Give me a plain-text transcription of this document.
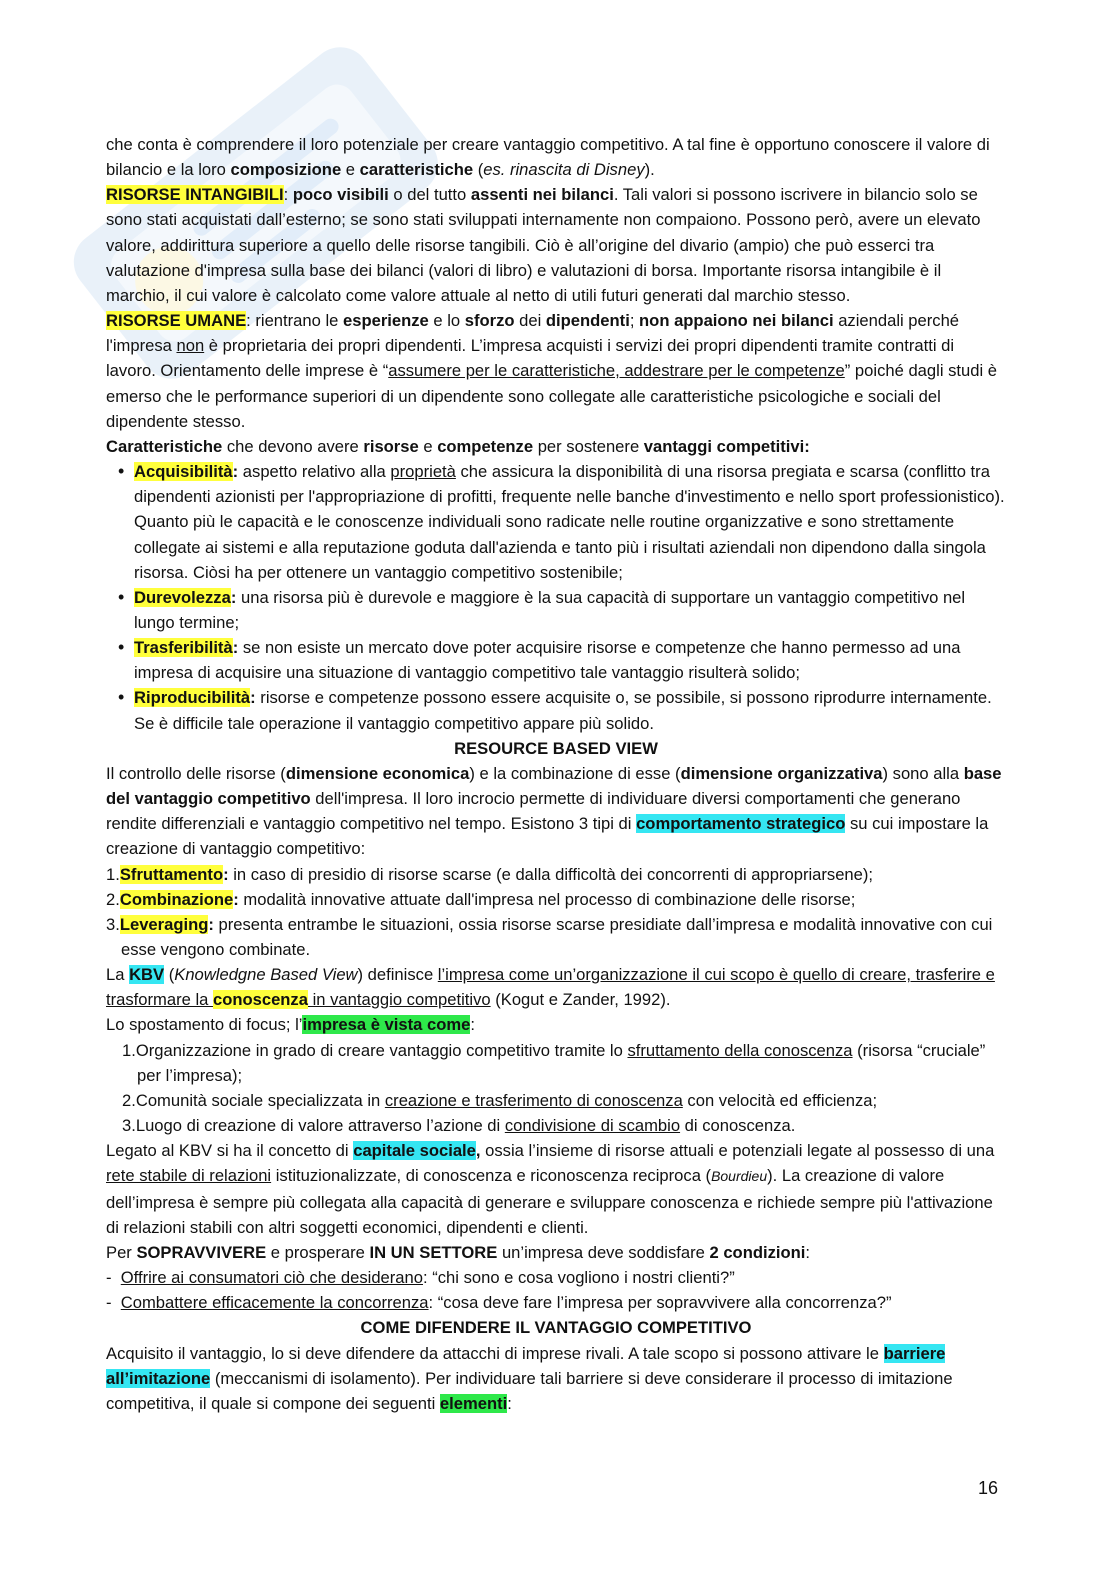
che conta è comprendere il loro potenziale per creare vantaggio competitivo. A tal fine è opportuno conoscere il valore di bilancio e la loro composizione e caratteristiche (es. rinascita di Disney).

RISORSE INTANGIBILI: poco visibili o del tutto assenti nei bilanci. Tali valori si possono iscrivere in bilancio solo se sono stati acquistati dall’esterno; se sono stati sviluppati internamente non compaiono. Possono però, avere un elevato valore, addirittura superiore a quello delle risorse tangibili. Ciò è all’origine del divario (ampio) che può esserci tra valutazione d'impresa sulla base dei bilanci (valori di libro) e valutazioni di borsa. Importante risorsa intangibile è il marchio, il cui valore è calcolato come valore attuale al netto di utili futuri generati dal marchio stesso.

RISORSE UMANE: rientrano le esperienze e lo sforzo dei dipendenti; non appaiono nei bilanci aziendali perché l'impresa non è proprietaria dei propri dipendenti. L’impresa acquisti i servizi dei propri dipendenti tramite contratti di lavoro. Orientamento delle imprese è “assumere per le caratteristiche, addestrare per le competenze” poiché dagli studi è emerso che le performance superiori di un dipendente sono collegate alle caratteristiche psicologiche e sociali del dipendente stesso.

Caratteristiche che devono avere risorse e competenze per sostenere vantaggi competitivi:

• Acquisibilità: aspetto relativo alla proprietà che assicura la disponibilità di una risorsa pregiata e scarsa (conflitto tra dipendenti azionisti per l'appropriazione di profitti, frequente nelle banche d'investimento e nello sport professionistico). Quanto più le capacità e le conoscenze individuali sono radicate nelle routine organizzative e sono strettamente collegate ai sistemi e alla reputazione goduta dall'azienda e tanto più i risultati aziendali non dipendono dalla singola risorsa. Ciòsi ha per ottenere un vantaggio competitivo sostenibile;
• Durevolezza: una risorsa più è durevole e maggiore è la sua capacità di supportare un vantaggio competitivo nel lungo termine;
• Trasferibilità: se non esiste un mercato dove poter acquisire risorse e competenze che hanno permesso ad una impresa di acquisire una situazione di vantaggio competitivo tale vantaggio risulterà solido;
• Riproducibilità: risorse e competenze possono essere acquisite o, se possibile, si possono riprodurre internamente. Se è difficile tale operazione il vantaggio competitivo appare più solido.

RESOURCE BASED VIEW

Il controllo delle risorse (dimensione economica) e la combinazione di esse (dimensione organizzativa) sono alla base del vantaggio competitivo dell'impresa. Il loro incrocio permette di individuare diversi comportamenti che generano rendite differenziali e vantaggio competitivo nel tempo. Esistono 3 tipi di comportamento strategico su cui impostare la creazione di vantaggio competitivo:

1.Sfruttamento: in caso di presidio di risorse scarse (e dalla difficoltà dei concorrenti di appropriarsene);
2.Combinazione: modalità innovative attuate dall'impresa nel processo di combinazione delle risorse;
3.Leveraging: presenta entrambe le situazioni, ossia risorse scarse presidiate dall’impresa e modalità innovative con cui esse vengono combinate.

La KBV (Knowledgne Based View) definisce l’impresa come un’organizzazione il cui scopo è quello di creare, trasferire e trasformare la conoscenza in vantaggio competitivo (Kogut e Zander, 1992).

Lo spostamento di focus; l’impresa è vista come:

1.Organizzazione in grado di creare vantaggio competitivo tramite lo sfruttamento della conoscenza (risorsa “cruciale” per l’impresa);
2.Comunità sociale specializzata in creazione e trasferimento di conoscenza con velocità ed efficienza;
3.Luogo di creazione di valore attraverso l’azione di condivisione di scambio di conoscenza.

Legato al KBV si ha il concetto di capitale sociale, ossia l’insieme di risorse attuali e potenziali legate al possesso di una rete stabile di relazioni istituzionalizzate, di conoscenza e riconoscenza reciproca (Bourdieu). La creazione di valore dell’impresa è sempre più collegata alla capacità di generare e sviluppare conoscenza e richiede sempre più l'attivazione di relazioni stabili con altri soggetti economici, dipendenti e clienti.

Per SOPRAVVIVERE e prosperare IN UN SETTORE un’impresa deve soddisfare 2 condizioni:

- Offrire ai consumatori ciò che desiderano: “chi sono e cosa vogliono i nostri clienti?”

- Combattere efficacemente la concorrenza: “cosa deve fare l’impresa per sopravvivere alla concorrenza?”

COME DIFENDERE IL VANTAGGIO COMPETITIVO

Acquisito il vantaggio, lo si deve difendere da attacchi di imprese rivali. A tale scopo si possono attivare le barriere all’imitazione (meccanismi di isolamento). Per individuare tali barriere si deve considerare il processo di imitazione competitiva, il quale si compone dei seguenti elementi:

16
